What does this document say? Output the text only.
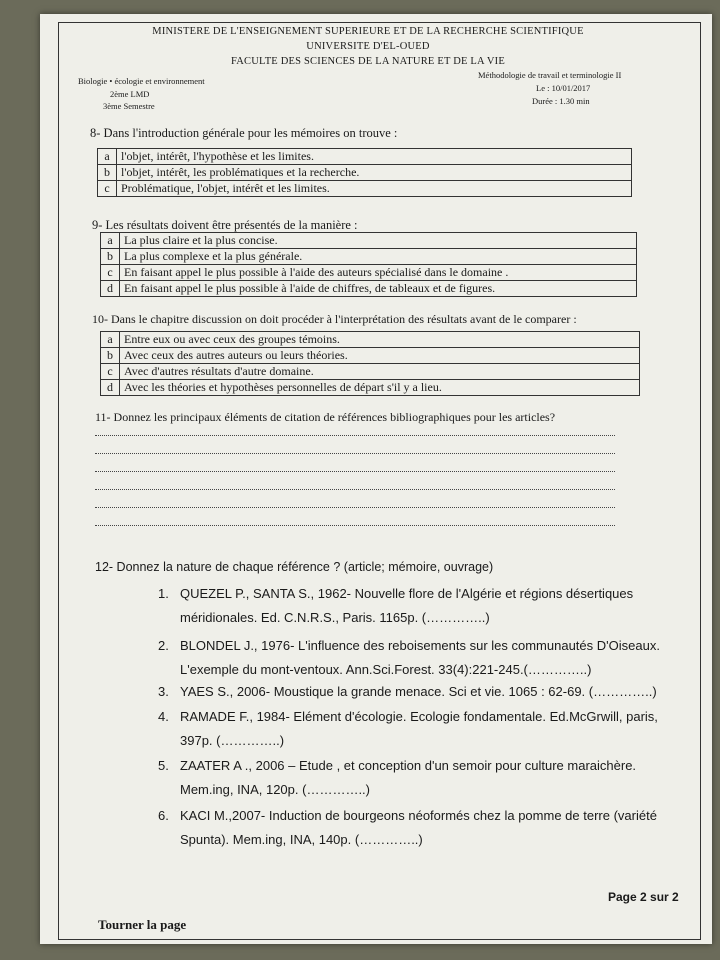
MINISTERE DE L'ENSEIGNEMENT SUPERIEURE ET DE LA RECHERCHE SCIENTIFIQUE
UNIVERSITE D'EL-OUED
FACULTE DES SCIENCES DE LA NATURE ET DE LA VIE
Biologie • écologie et environnement
2ème LMD
3ème Semestre
Méthodologie de travail et terminologie II
Le : 10/01/2017
Durée : 1.30 min
8- Dans l'introduction générale pour les mémoires on trouve :
a	l'objet, intérêt, l'hypothèse et les limites.
b	l'objet, intérêt, les problématiques et la recherche.
c	Problématique, l'objet, intérêt et les limites.
9- Les résultats doivent être présentés de la manière :
a	La plus claire et la plus concise.
b	La plus complexe et la plus générale.
c	En faisant appel le plus possible à l'aide des auteurs spécialisé dans le domaine .
d	En faisant appel le plus possible à l'aide de chiffres, de tableaux et de figures.
10- Dans le chapitre discussion on doit procéder à l'interprétation des résultats avant de le comparer :
a	Entre eux ou avec ceux des groupes témoins.
b	Avec ceux des autres auteurs ou leurs théories.
c	Avec d'autres résultats d'autre domaine.
d	Avec les théories et hypothèses personnelles de départ s'il y a lieu.
11- Donnez les principaux éléments de citation de références bibliographiques pour les articles?
12- Donnez la nature de chaque référence ? (article; mémoire, ouvrage)
1. QUEZEL P., SANTA S., 1962- Nouvelle flore de l'Algérie et régions désertiques méridionales. Ed. C.N.R.S., Paris. 1165p. (…………..)
2. BLONDEL J., 1976- L'influence des reboisements sur les communautés D'Oiseaux. L'exemple du mont-ventoux. Ann.Sci.Forest. 33(4):221-245.(…………..)
3. YAES S., 2006- Moustique la grande menace. Sci et vie. 1065 : 62-69. (…………..)
4. RAMADE F., 1984- Elément d'écologie. Ecologie fondamentale. Ed.McGrwill, paris, 397p. (…………..)
5. ZAATER A ., 2006 – Etude , et conception d'un semoir pour culture maraichère. Mem.ing, INA, 120p. (…………..)
6. KACI M.,2007- Induction de bourgeons néoformés chez la pomme de terre (variété Spunta). Mem.ing, INA, 140p. (…………..)
Page 2 sur 2
Tourner la page
